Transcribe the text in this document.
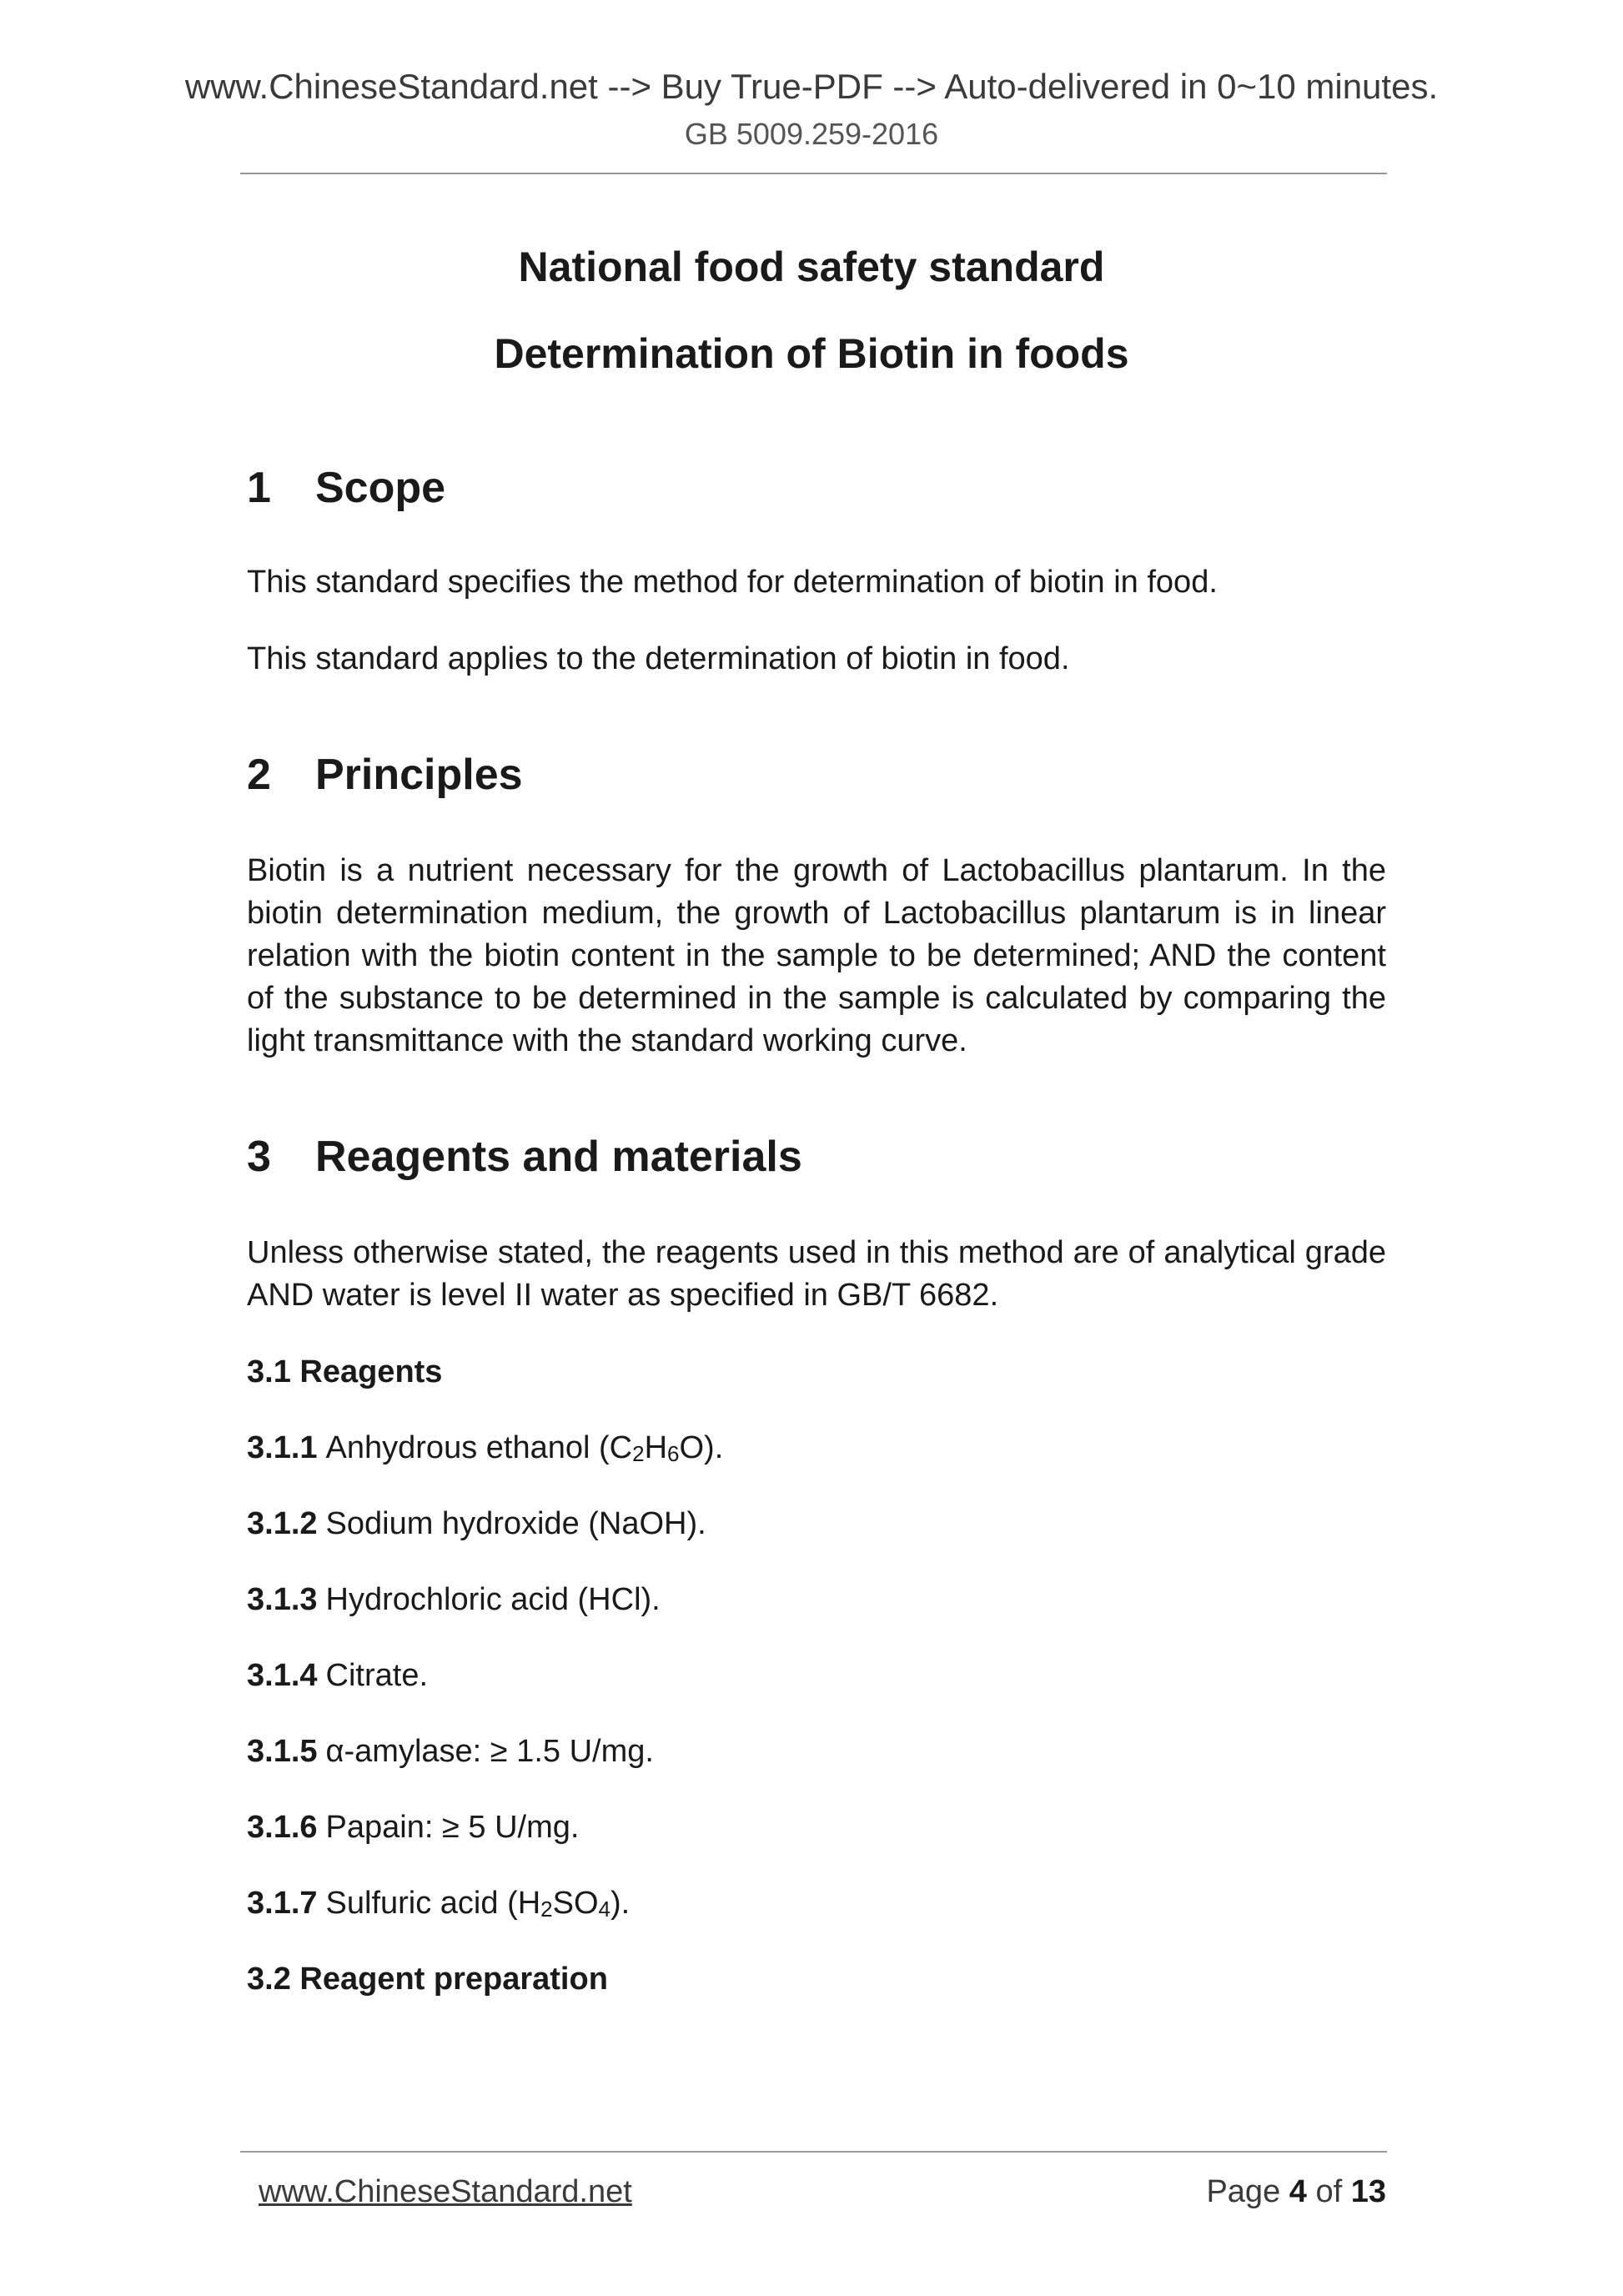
www.ChineseStandard.net --> Buy True-PDF --> Auto-delivered in 0~10 minutes.
GB 5009.259-2016
National food safety standard
Determination of Biotin in foods
1 Scope
This standard specifies the method for determination of biotin in food.
This standard applies to the determination of biotin in food.
2 Principles
Biotin is a nutrient necessary for the growth of Lactobacillus plantarum. In the biotin determination medium, the growth of Lactobacillus plantarum is in linear relation with the biotin content in the sample to be determined; AND the content of the substance to be determined in the sample is calculated by comparing the light transmittance with the standard working curve.
3 Reagents and materials
Unless otherwise stated, the reagents used in this method are of analytical grade AND water is level II water as specified in GB/T 6682.
3.1 Reagents
3.1.1 Anhydrous ethanol $(C_2H_6O)$.
3.1.2 Sodium hydroxide (NaOH).
3.1.3 Hydrochloric acid (HCl).
3.1.4 Citrate.
3.1.5 α-amylase: ≥ 1.5 U/mg.
3.1.6 Papain: ≥ 5 U/mg.
3.1.7 Sulfuric acid $(H_2SO_4)$.
3.2 Reagent preparation
www.ChineseStandard.net	Page 4 of 13
